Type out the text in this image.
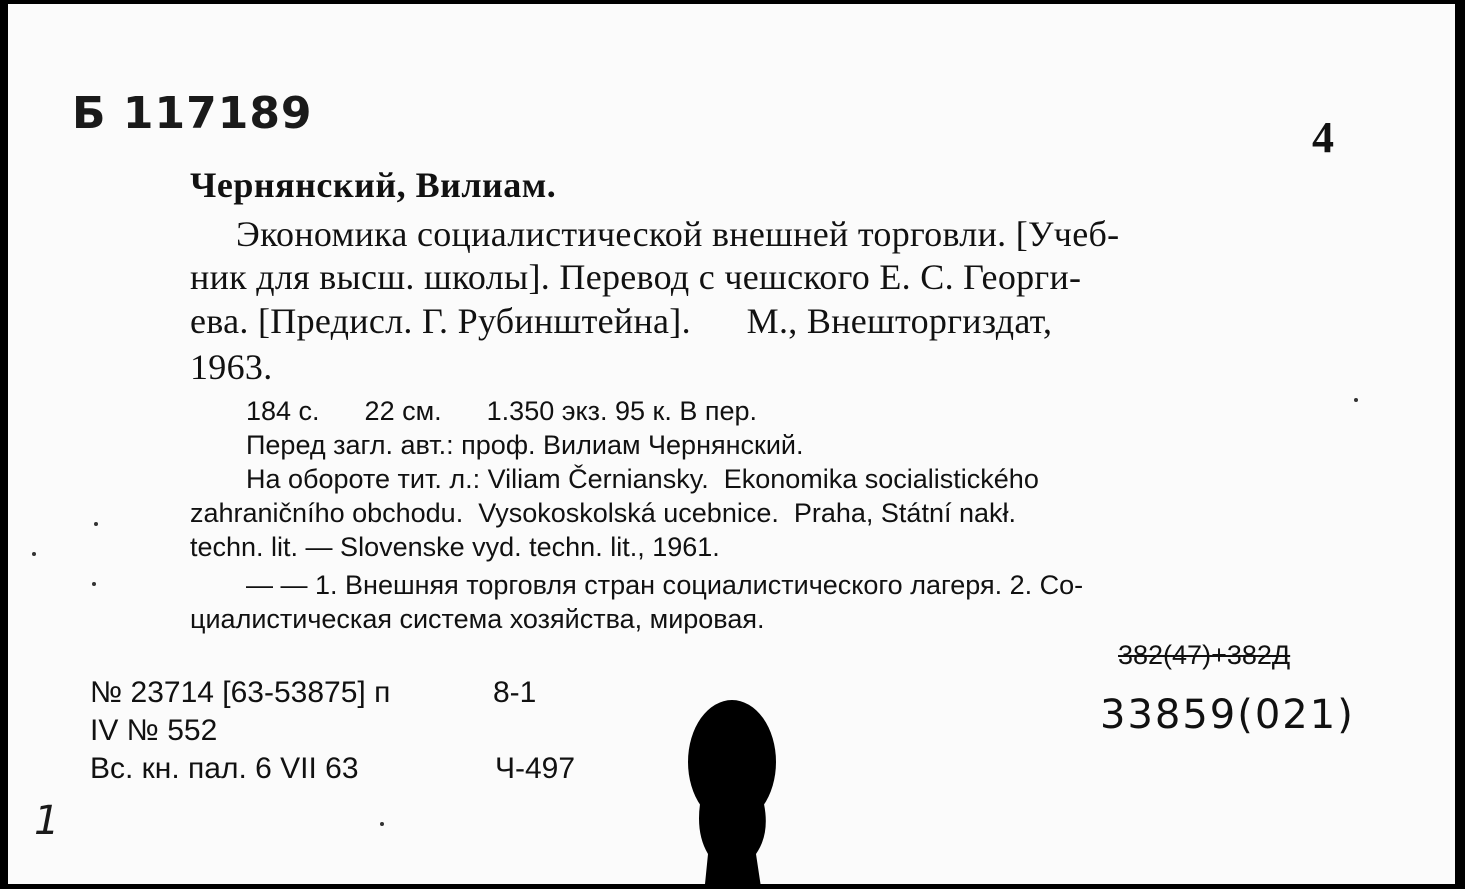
Б 117189	4
Чернянский, Вилиам.
Экономика социалистической внешней торговли. [Учеб-
ник для высш. школы]. Перевод с чешского Е. С. Георги-
ева. [Предисл. Г. Рубинштейна].      М., Внешторгиздат,
1963.
184 с.      22 см.      1.350 экз. 95 к. В пер.
Перед загл. авт.: проф. Вилиам Чернянский.
На обороте тит. л.: Viliam Černiansky.  Ekonomika socialistického
zahraničního obchodu.  Vysokoskolská ucebnice.  Praha, Státní nakł.
techn. lit. — Slovenske vyd. techn. lit., 1961.
— — 1. Внешняя торговля стран социалистического лагеря. 2. Со-
циалистическая система хозяйства, мировая.
382(47)+382Д
33859(021)
№ 23714 [63-53875] п	8-1
IV № 552
Вс. кн. пал. 6 VII 63	Ч-497
1
